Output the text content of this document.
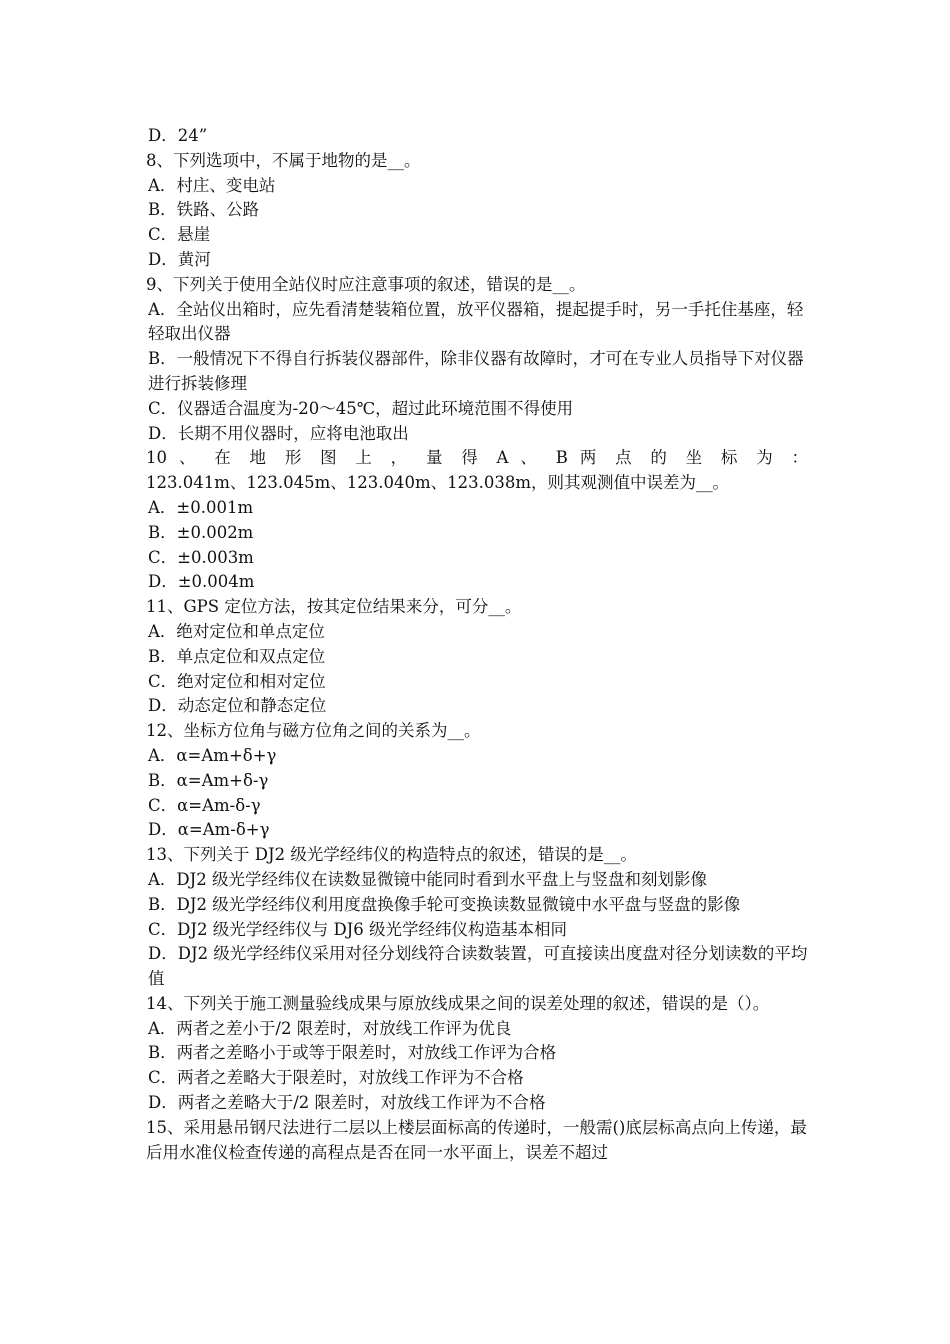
D．24”
8、下列选项中，不属于地物的是__。
A．村庄、变电站
B．铁路、公路
C．悬崖
D．黄河
9、下列关于使用全站仪时应注意事项的叙述，错误的是__。
A．全站仪出箱时，应先看清楚装箱位置，放平仪器箱，提起提手时，另一手托住基座，轻轻取出仪器
B．一般情况下不得自行拆装仪器部件，除非仪器有故障时，才可在专业人员指导下对仪器进行拆装修理
C．仪器适合温度为-20～45℃，超过此环境范围不得使用
D．长期不用仪器时，应将电池取出
10 、 在 地 形 图 上 ， 量 得 A 、 B 两 点 的 坐 标 为 ：
123.041m、123.045m、123.040m、123.038m，则其观测值中误差为__。
A．±0.001m
B．±0.002m
C．±0.003m
D．±0.004m
11、GPS 定位方法，按其定位结果来分，可分__。
A．绝对定位和单点定位
B．单点定位和双点定位
C．绝对定位和相对定位
D．动态定位和静态定位
12、坐标方位角与磁方位角之间的关系为__。
A．α=Am+δ+γ
B．α=Am+δ-γ
C．α=Am-δ-γ
D．α=Am-δ+γ
13、下列关于 DJ2 级光学经纬仪的构造特点的叙述，错误的是__。
A．DJ2 级光学经纬仪在读数显微镜中能同时看到水平盘上与竖盘和刻划影像
B．DJ2 级光学经纬仪利用度盘换像手轮可变换读数显微镜中水平盘与竖盘的影像
C．DJ2 级光学经纬仪与 DJ6 级光学经纬仪构造基本相同
D．DJ2 级光学经纬仪采用对径分划线符合读数装置，可直接读出度盘对径分划读数的平均值
14、下列关于施工测量验线成果与原放线成果之间的误差处理的叙述，错误的是（）。
A．两者之差小于/2 限差时，对放线工作评为优良
B．两者之差略小于或等于限差时，对放线工作评为合格
C．两者之差略大于限差时，对放线工作评为不合格
D．两者之差略大于/2 限差时，对放线工作评为不合格
15、采用悬吊钢尺法进行二层以上楼层面标高的传递时，一般需()底层标高点向上传递，最后用水准仪检查传递的高程点是否在同一水平面上，误差不超过
